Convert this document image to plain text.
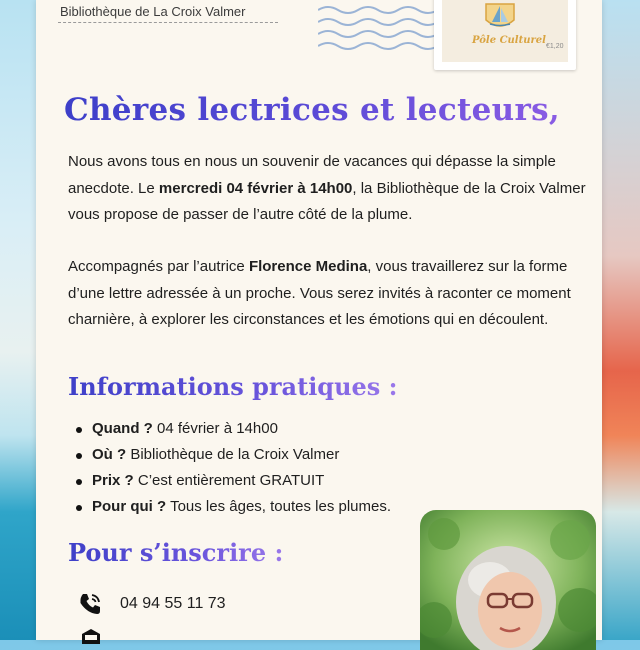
Bibliothèque de La Croix Valmer
Pôle Culturel
€1,20
Chères lectrices et lecteurs,

Nous avons tous en nous un souvenir de vacances qui dépasse la simple anecdote. Le mercredi 04 février à 14h00, la Bibliothèque de la Croix Valmer vous propose de passer de l’autre côté de la plume.

Accompagnés par l’autrice Florence Medina, vous travaillerez sur la forme d’une lettre adressée à un proche. Vous serez invités à raconter ce moment charnière, à explorer les circonstances et les émotions qui en découlent.

Informations pratiques :
Quand ? 04 février à 14h00
Où ? Bibliothèque de la Croix Valmer
Prix ? C’est entièrement GRATUIT
Pour qui ? Tous les âges, toutes les plumes.
Pour s’inscrire :
04 94 55 11 73
